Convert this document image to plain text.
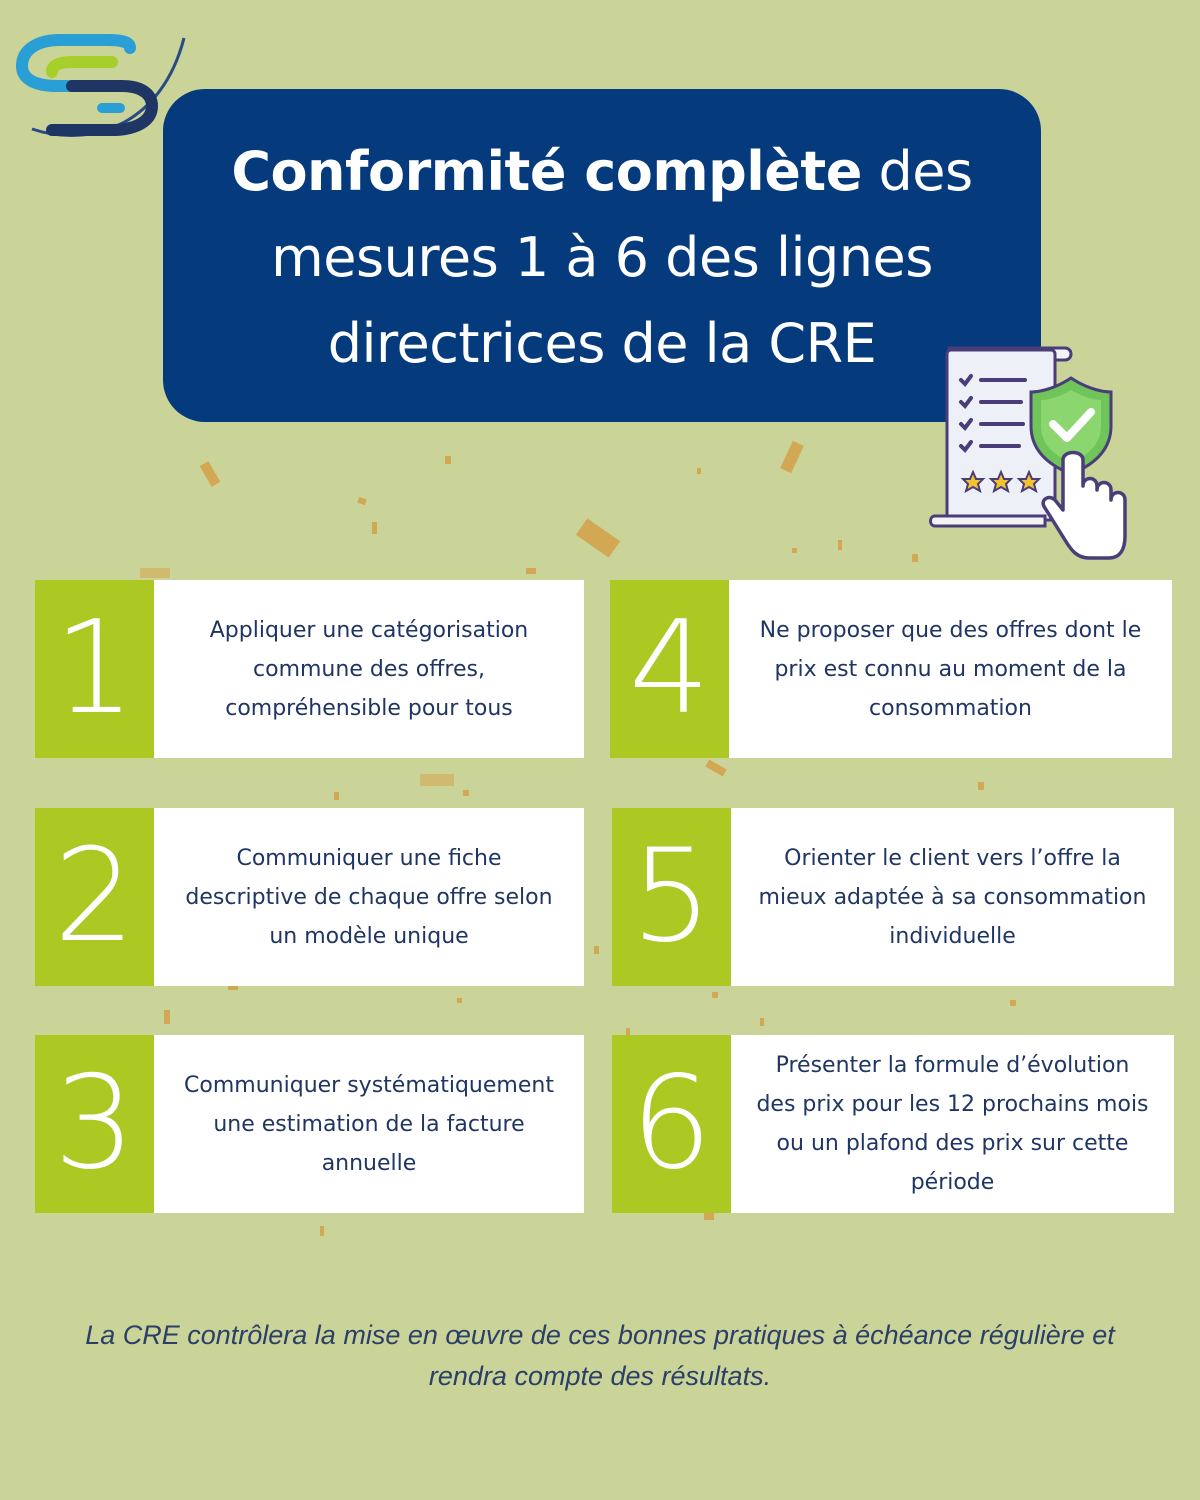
Conformité complète des mesures 1 à 6 des lignes directrices de la CRE
1	Appliquer une catégorisation commune des offres, compréhensible pour tous
2	Communiquer une fiche descriptive de chaque offre selon un modèle unique
3	Communiquer systématiquement une estimation de la facture annuelle
4	Ne proposer que des offres dont le prix est connu au moment de la consommation
5	Orienter le client vers l’offre la mieux adaptée à sa consommation individuelle
6	Présenter la formule d’évolution des prix pour les 12 prochains mois ou un plafond des prix sur cette période
La CRE contrôlera la mise en œuvre de ces bonnes pratiques à échéance régulière et rendra compte des résultats.
